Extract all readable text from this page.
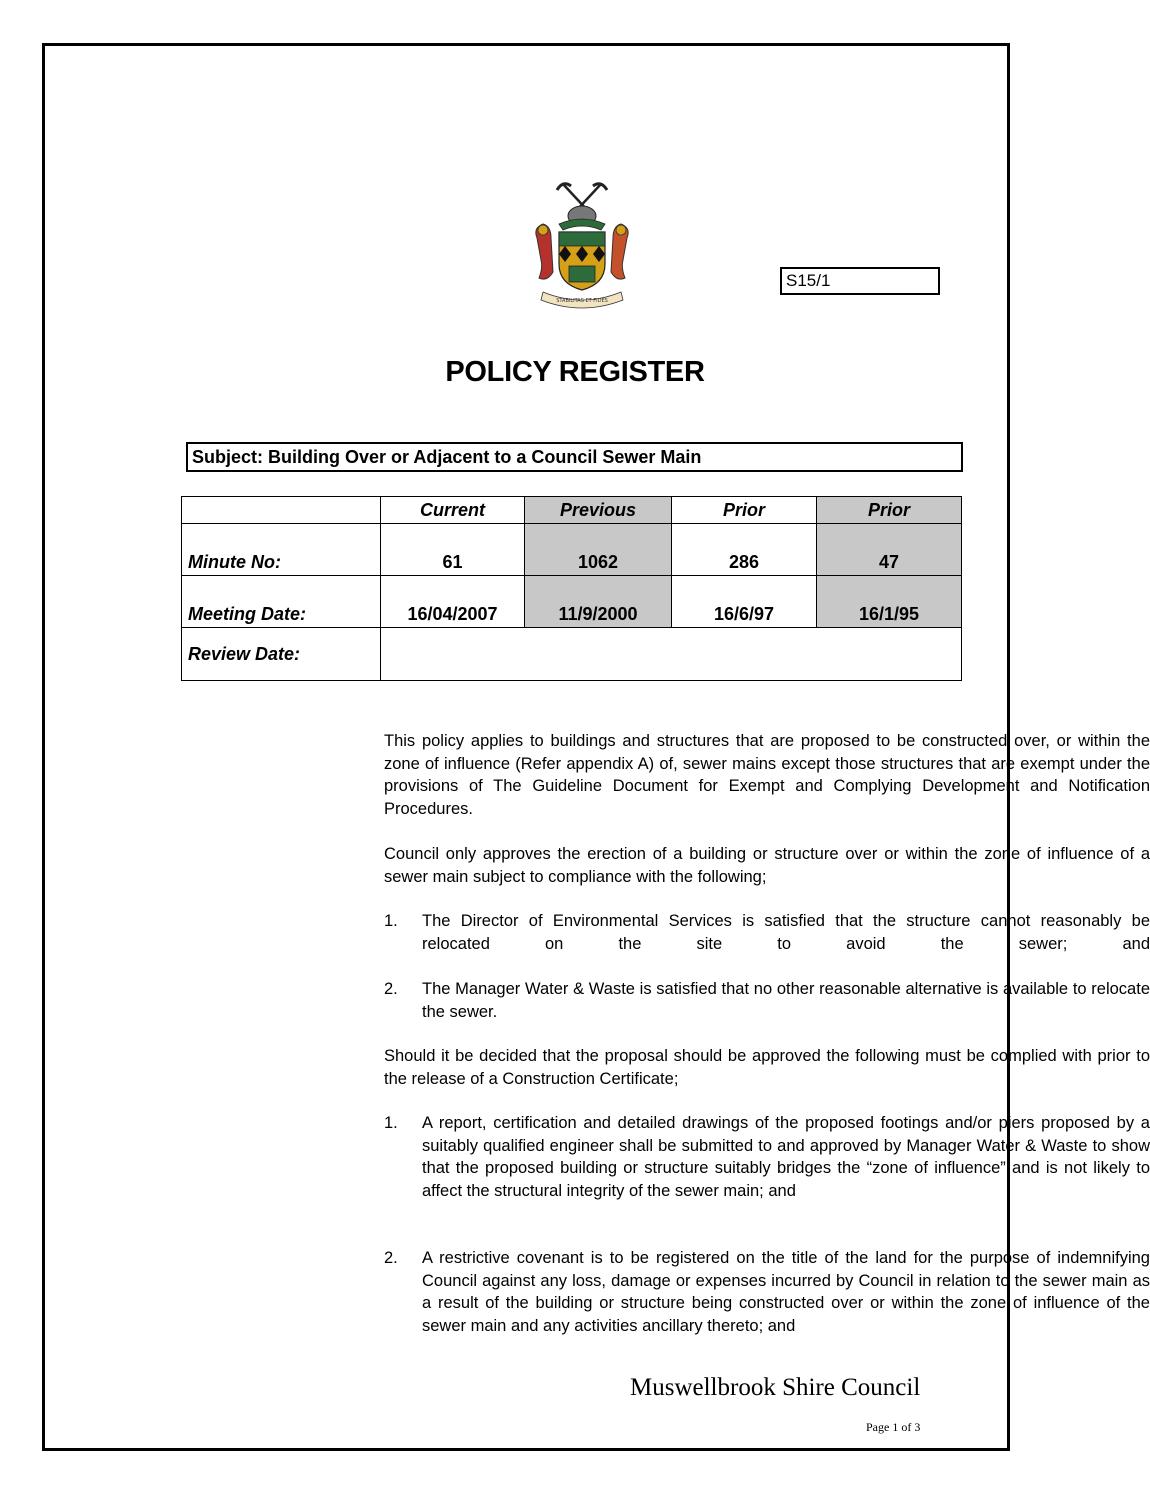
STABILITAS ET FIDES
S15/1
POLICY REGISTER
Subject: Building Over or Adjacent to a Council Sewer Main
	Current	Previous	Prior	Prior
Minute No:	61	1062	286	47
Meeting Date:	16/04/2007	11/9/2000	16/6/97	16/1/95
Review Date:				

This policy applies to buildings and structures that are proposed to be constructed over, or within the zone of influence (Refer appendix A) of, sewer mains except those structures that are exempt under the provisions of The Guideline Document for Exempt and Complying Development and Notification Procedures.

Council only approves the erection of a building or structure over or within the zone of influence of a sewer main subject to compliance with the following;

1.	The Director of Environmental Services is satisfied that the structure cannot reasonably be relocated on the site to avoid the sewer; and
2.	The Manager Water & Waste is satisfied that no other reasonable alternative is available to relocate the sewer.

Should it be decided that the proposal should be approved the following must be complied with prior to the release of a Construction Certificate;

1.	A report, certification and detailed drawings of the proposed footings and/or piers proposed by a suitably qualified engineer shall be submitted to and approved by Manager Water & Waste to show that the proposed building or structure suitably bridges the “zone of influence” and is not likely to affect the structural integrity of the sewer main; and
2.	A restrictive covenant is to be registered on the title of the land for the purpose of indemnifying Council against any loss, damage or expenses incurred by Council in relation to the sewer main as a result of the building or structure being constructed over or within the zone of influence of the sewer main and any activities ancillary thereto; and
Muswellbrook Shire Council
Page 1 of 3
